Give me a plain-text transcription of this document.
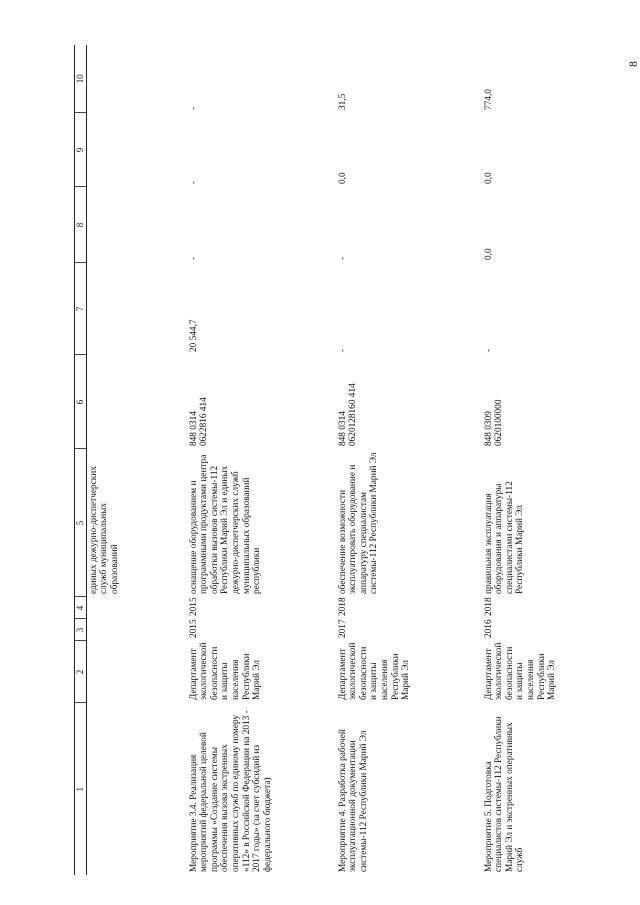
8
1	2	3	4	5	6	7	8	9	10
				единых дежурно-диспетчерских служб муниципальных образований					
Мероприятие 3.4. Реализация мероприятий федеральной целевой программы «Создание системы обеспечения вызова экстренных оперативных служб по единому номеру «112» в Российской Федерации на 2013 - 2017 годы» (за счет субсидий из федерального бюджета)	Департамент экологической безопасности и защиты населения Республики Марий Эл	2015	2015	оснащение оборудованием и программными продуктами центра обработки вызовов системы-112 Республики Марий Эл и единых дежурно-диспетчерских служб муниципальных образований республики	848 0314 0622816 414	20 544,7	-	-	-
Мероприятие 4. Разработка рабочей эксплуатационной документации системы-112 Республики Марий Эл	Департамент экологической безопасности и защиты населения Республики Марий Эл	2017	2018	обеспечение возможности эксплуатировать оборудование и аппаратуру специалистам системы-112 Республики Марий Эл	848 0314 0620128160 414	-	-	0,0	31,5
Мероприятие 5. Подготовка специалистов системы-112 Республики Марий Эл и экстренных оперативных служб	Департамент экологической безопасности и защиты населения Республики Марий Эл	2016	2018	правильная эксплуатация оборудования и аппаратуры специалистами системы-112 Республики Марий Эл	848 0309 0620100000	-	0,0	0,0	774,0
